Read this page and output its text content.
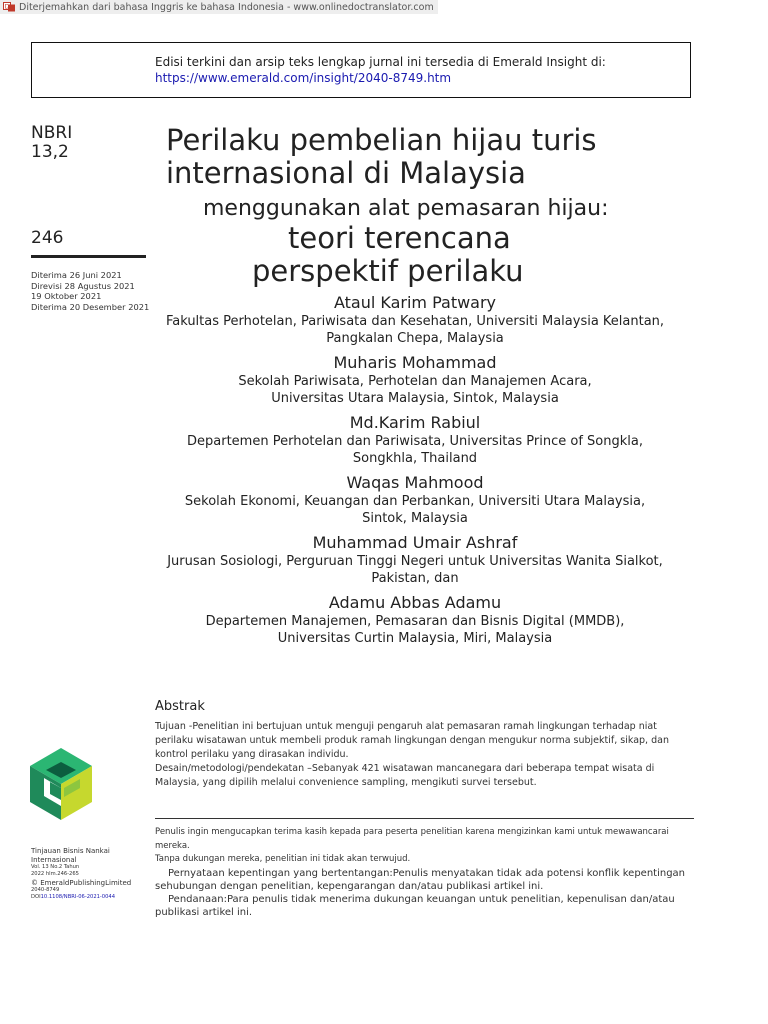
D Diterjemahkan dari bahasa Inggris ke bahasa Indonesia - www.onlinedoctranslator.com
Edisi terkini dan arsip teks lengkap jurnal ini tersedia di Emerald Insight di:
https://www.emerald.com/insight/2040-8749.htm
NBRI
13,2
246
Diterima 26 Juni 2021
Direvisi 28 Agustus 2021
19 Oktober 2021
Diterima 20 Desember 2021
Perilaku pembelian hijau turis
internasional di Malaysia
menggunakan alat pemasaran hijau:
teori terencana
perspektif perilaku
Ataul Karim Patwary
Fakultas Perhotelan, Pariwisata dan Kesehatan, Universiti Malaysia Kelantan,
Pangkalan Chepa, Malaysia
Muharis Mohammad
Sekolah Pariwisata, Perhotelan dan Manajemen Acara,
Universitas Utara Malaysia, Sintok, Malaysia
Md.Karim Rabiul
Departemen Perhotelan dan Pariwisata, Universitas Prince of Songkla,
Songkhla, Thailand
Waqas Mahmood
Sekolah Ekonomi, Keuangan dan Perbankan, Universiti Utara Malaysia,
Sintok, Malaysia
Muhammad Umair Ashraf
Jurusan Sosiologi, Perguruan Tinggi Negeri untuk Universitas Wanita Sialkot,
Pakistan, dan
Adamu Abbas Adamu
Departemen Manajemen, Pemasaran dan Bisnis Digital (MMDB),
Universitas Curtin Malaysia, Miri, Malaysia
Abstrak

Tujuan -Penelitian ini bertujuan untuk menguji pengaruh alat pemasaran ramah lingkungan terhadap niat perilaku wisatawan untuk membeli produk ramah lingkungan dengan mengukur norma subjektif, sikap, dan kontrol perilaku yang dirasakan individu.

Desain/metodologi/pendekatan –Sebanyak 421 wisatawan mancanegara dari beberapa tempat wisata di Malaysia, yang dipilih melalui convenience sampling, mengikuti survei tersebut.

Tinjauan Bisnis Nankai
Internasional
Vol. 13 No.2 Tahun
2022 hlm.246-265
© EmeraldPublishingLimited
2040-8749
DOI10.1108/NBRI-06-2021-0044

Penulis ingin mengucapkan terima kasih kepada para peserta penelitian karena mengizinkan kami untuk mewawancarai mereka.

Tanpa dukungan mereka, penelitian ini tidak akan terwujud.

Pernyataan kepentingan yang bertentangan:Penulis menyatakan tidak ada potensi konflik kepentingan sehubungan dengan penelitian, kepengarangan dan/atau publikasi artikel ini.

Pendanaan:Para penulis tidak menerima dukungan keuangan untuk penelitian, kepenulisan dan/atau publikasi artikel ini.
